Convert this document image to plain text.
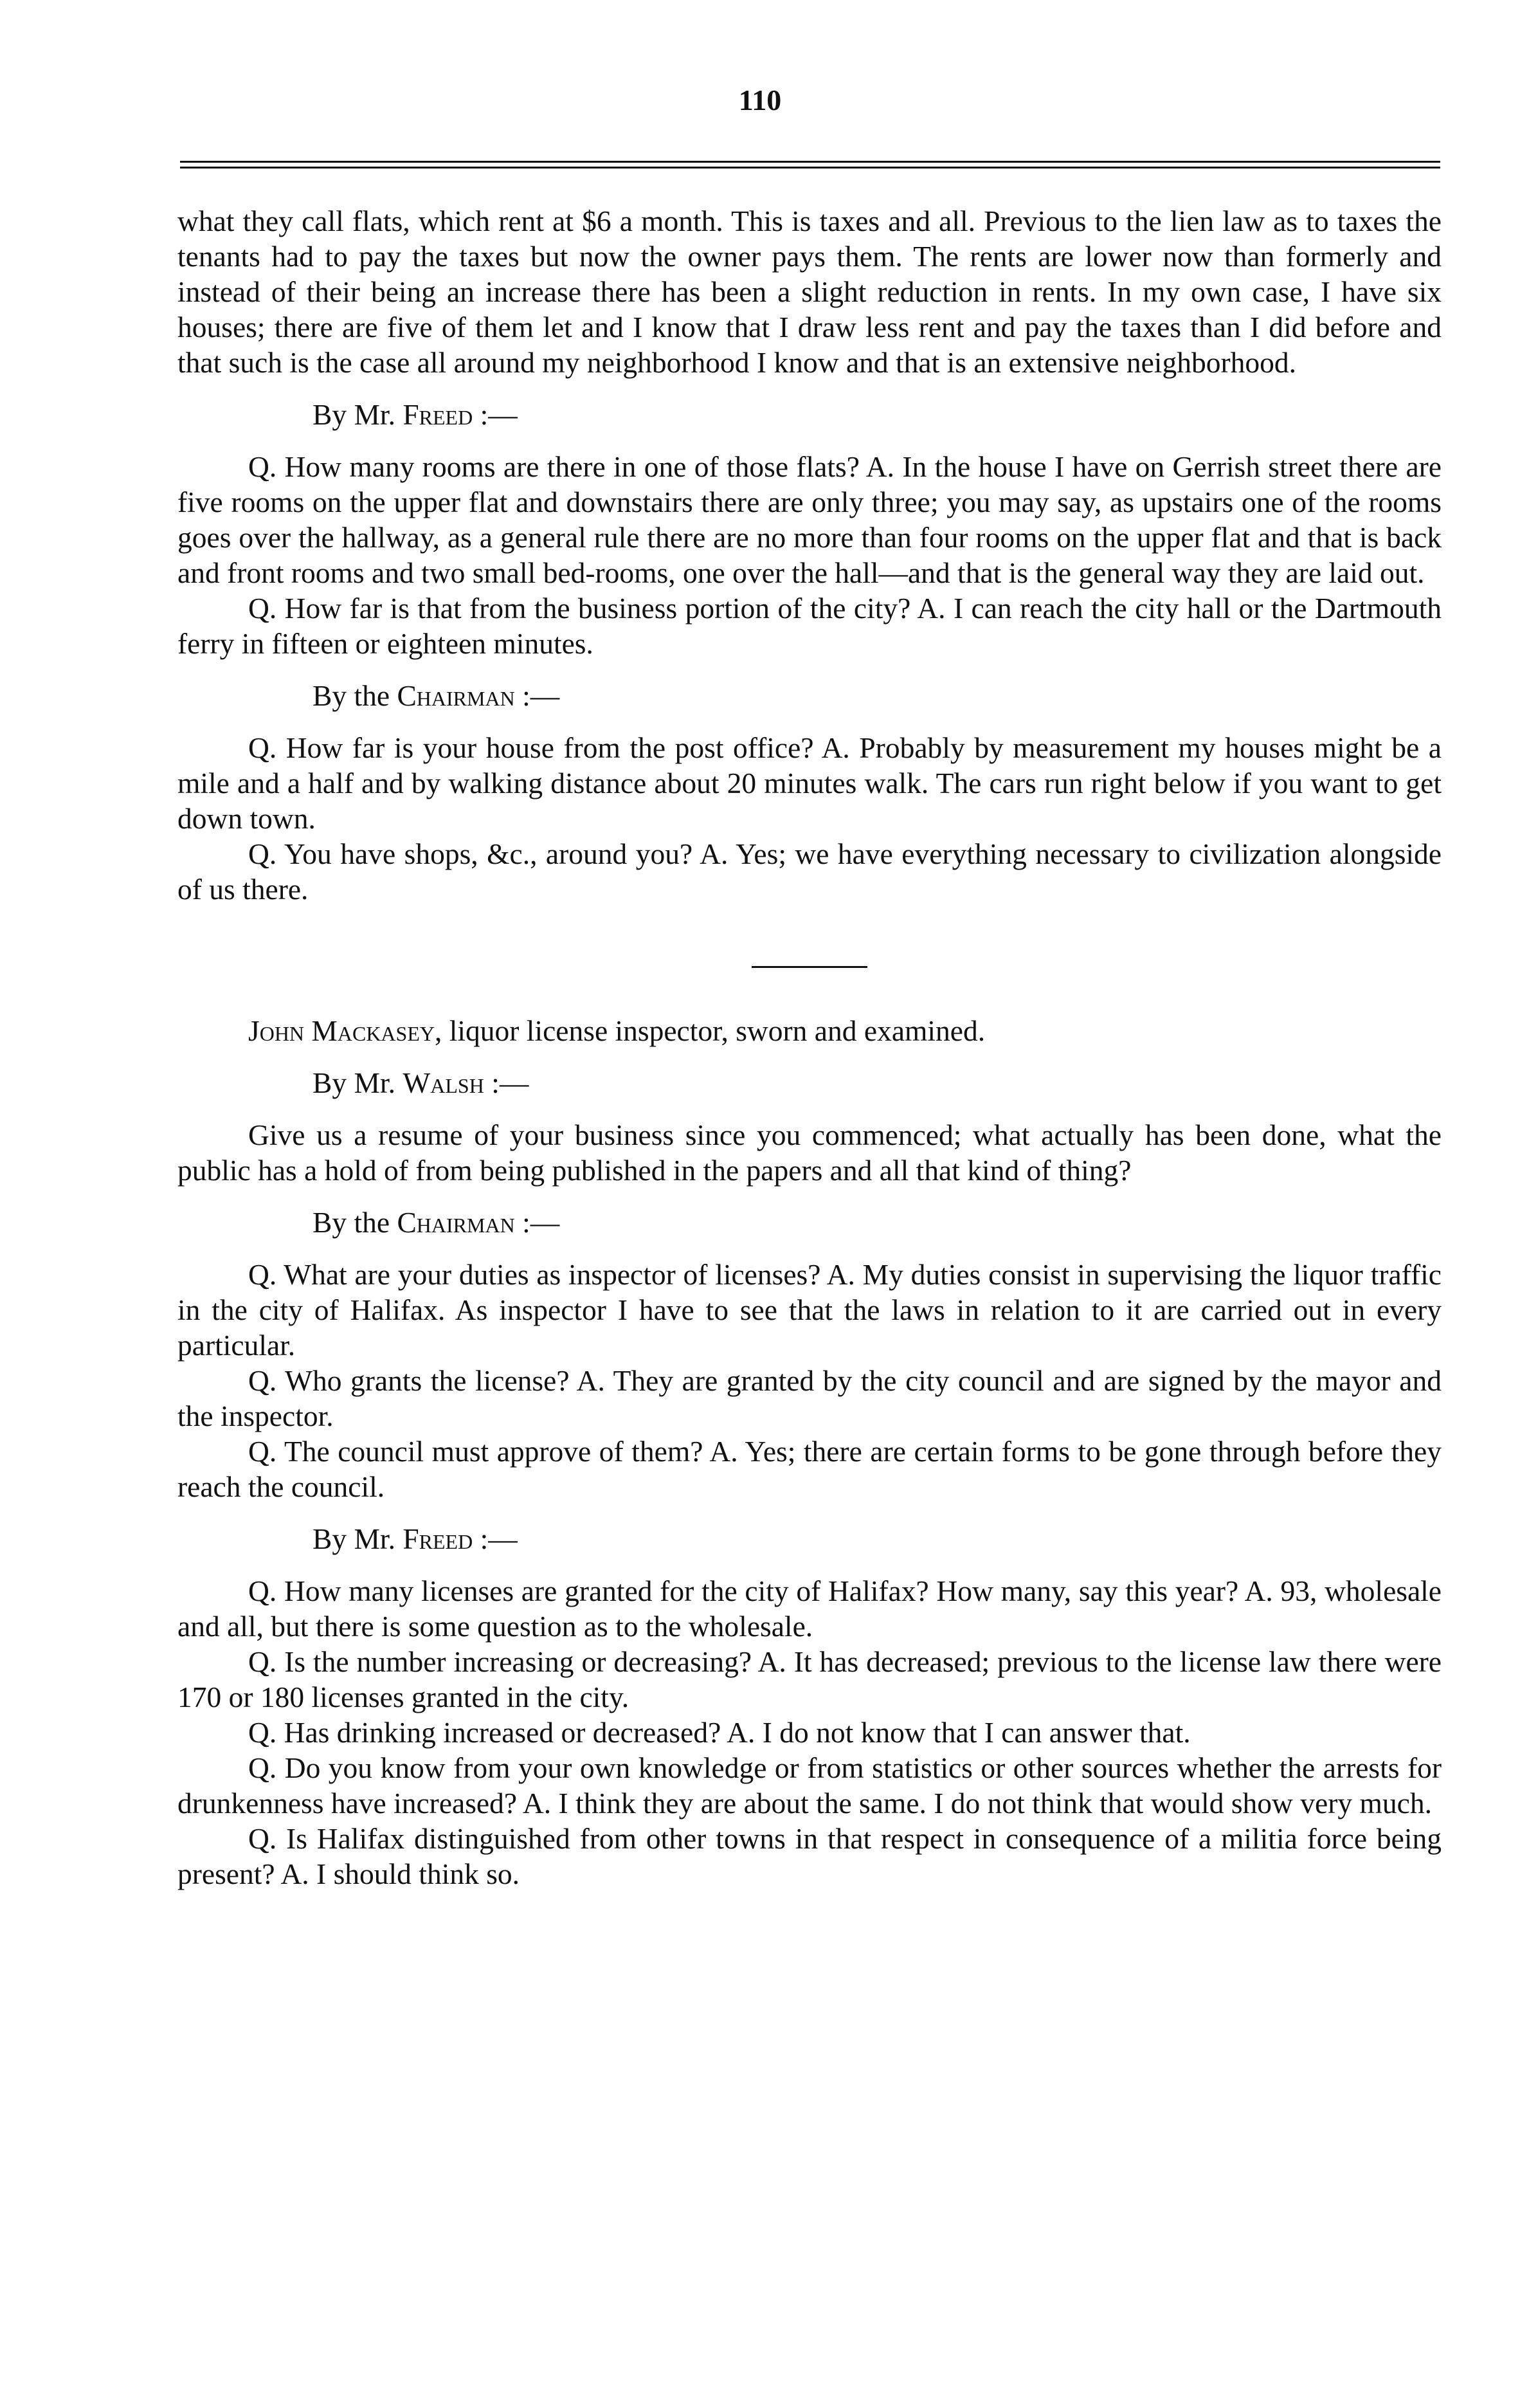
110

what they call flats, which rent at $6 a month. This is taxes and all. Previous to the lien law as to taxes the tenants had to pay the taxes but now the owner pays them. The rents are lower now than formerly and instead of their being an increase there has been a slight reduction in rents. In my own case, I have six houses; there are five of them let and I know that I draw less rent and pay the taxes than I did before and that such is the case all around my neighborhood I know and that is an extensive neighborhood.

By Mr. Freed :—

Q. How many rooms are there in one of those flats? A. In the house I have on Gerrish street there are five rooms on the upper flat and downstairs there are only three; you may say, as upstairs one of the rooms goes over the hallway, as a general rule there are no more than four rooms on the upper flat and that is back and front rooms and two small bed-rooms, one over the hall—and that is the general way they are laid out.

Q. How far is that from the business portion of the city? A. I can reach the city hall or the Dartmouth ferry in fifteen or eighteen minutes.

By the Chairman :—

Q. How far is your house from the post office? A. Probably by measurement my houses might be a mile and a half and by walking distance about 20 minutes walk. The cars run right below if you want to get down town.

Q. You have shops, &c., around you? A. Yes; we have everything necessary to civilization alongside of us there.

John Mackasey, liquor license inspector, sworn and examined.

By Mr. Walsh :—

Give us a resume of your business since you commenced; what actually has been done, what the public has a hold of from being published in the papers and all that kind of thing?

By the Chairman :—

Q. What are your duties as inspector of licenses? A. My duties consist in supervising the liquor traffic in the city of Halifax. As inspector I have to see that the laws in relation to it are carried out in every particular.

Q. Who grants the license? A. They are granted by the city council and are signed by the mayor and the inspector.

Q. The council must approve of them? A. Yes; there are certain forms to be gone through before they reach the council.

By Mr. Freed :—

Q. How many licenses are granted for the city of Halifax? How many, say this year? A. 93, wholesale and all, but there is some question as to the wholesale.

Q. Is the number increasing or decreasing? A. It has decreased; previous to the license law there were 170 or 180 licenses granted in the city.

Q. Has drinking increased or decreased? A. I do not know that I can answer that.

Q. Do you know from your own knowledge or from statistics or other sources whether the arrests for drunkenness have increased? A. I think they are about the same. I do not think that would show very much.

Q. Is Halifax distinguished from other towns in that respect in consequence of a militia force being present? A. I should think so.
